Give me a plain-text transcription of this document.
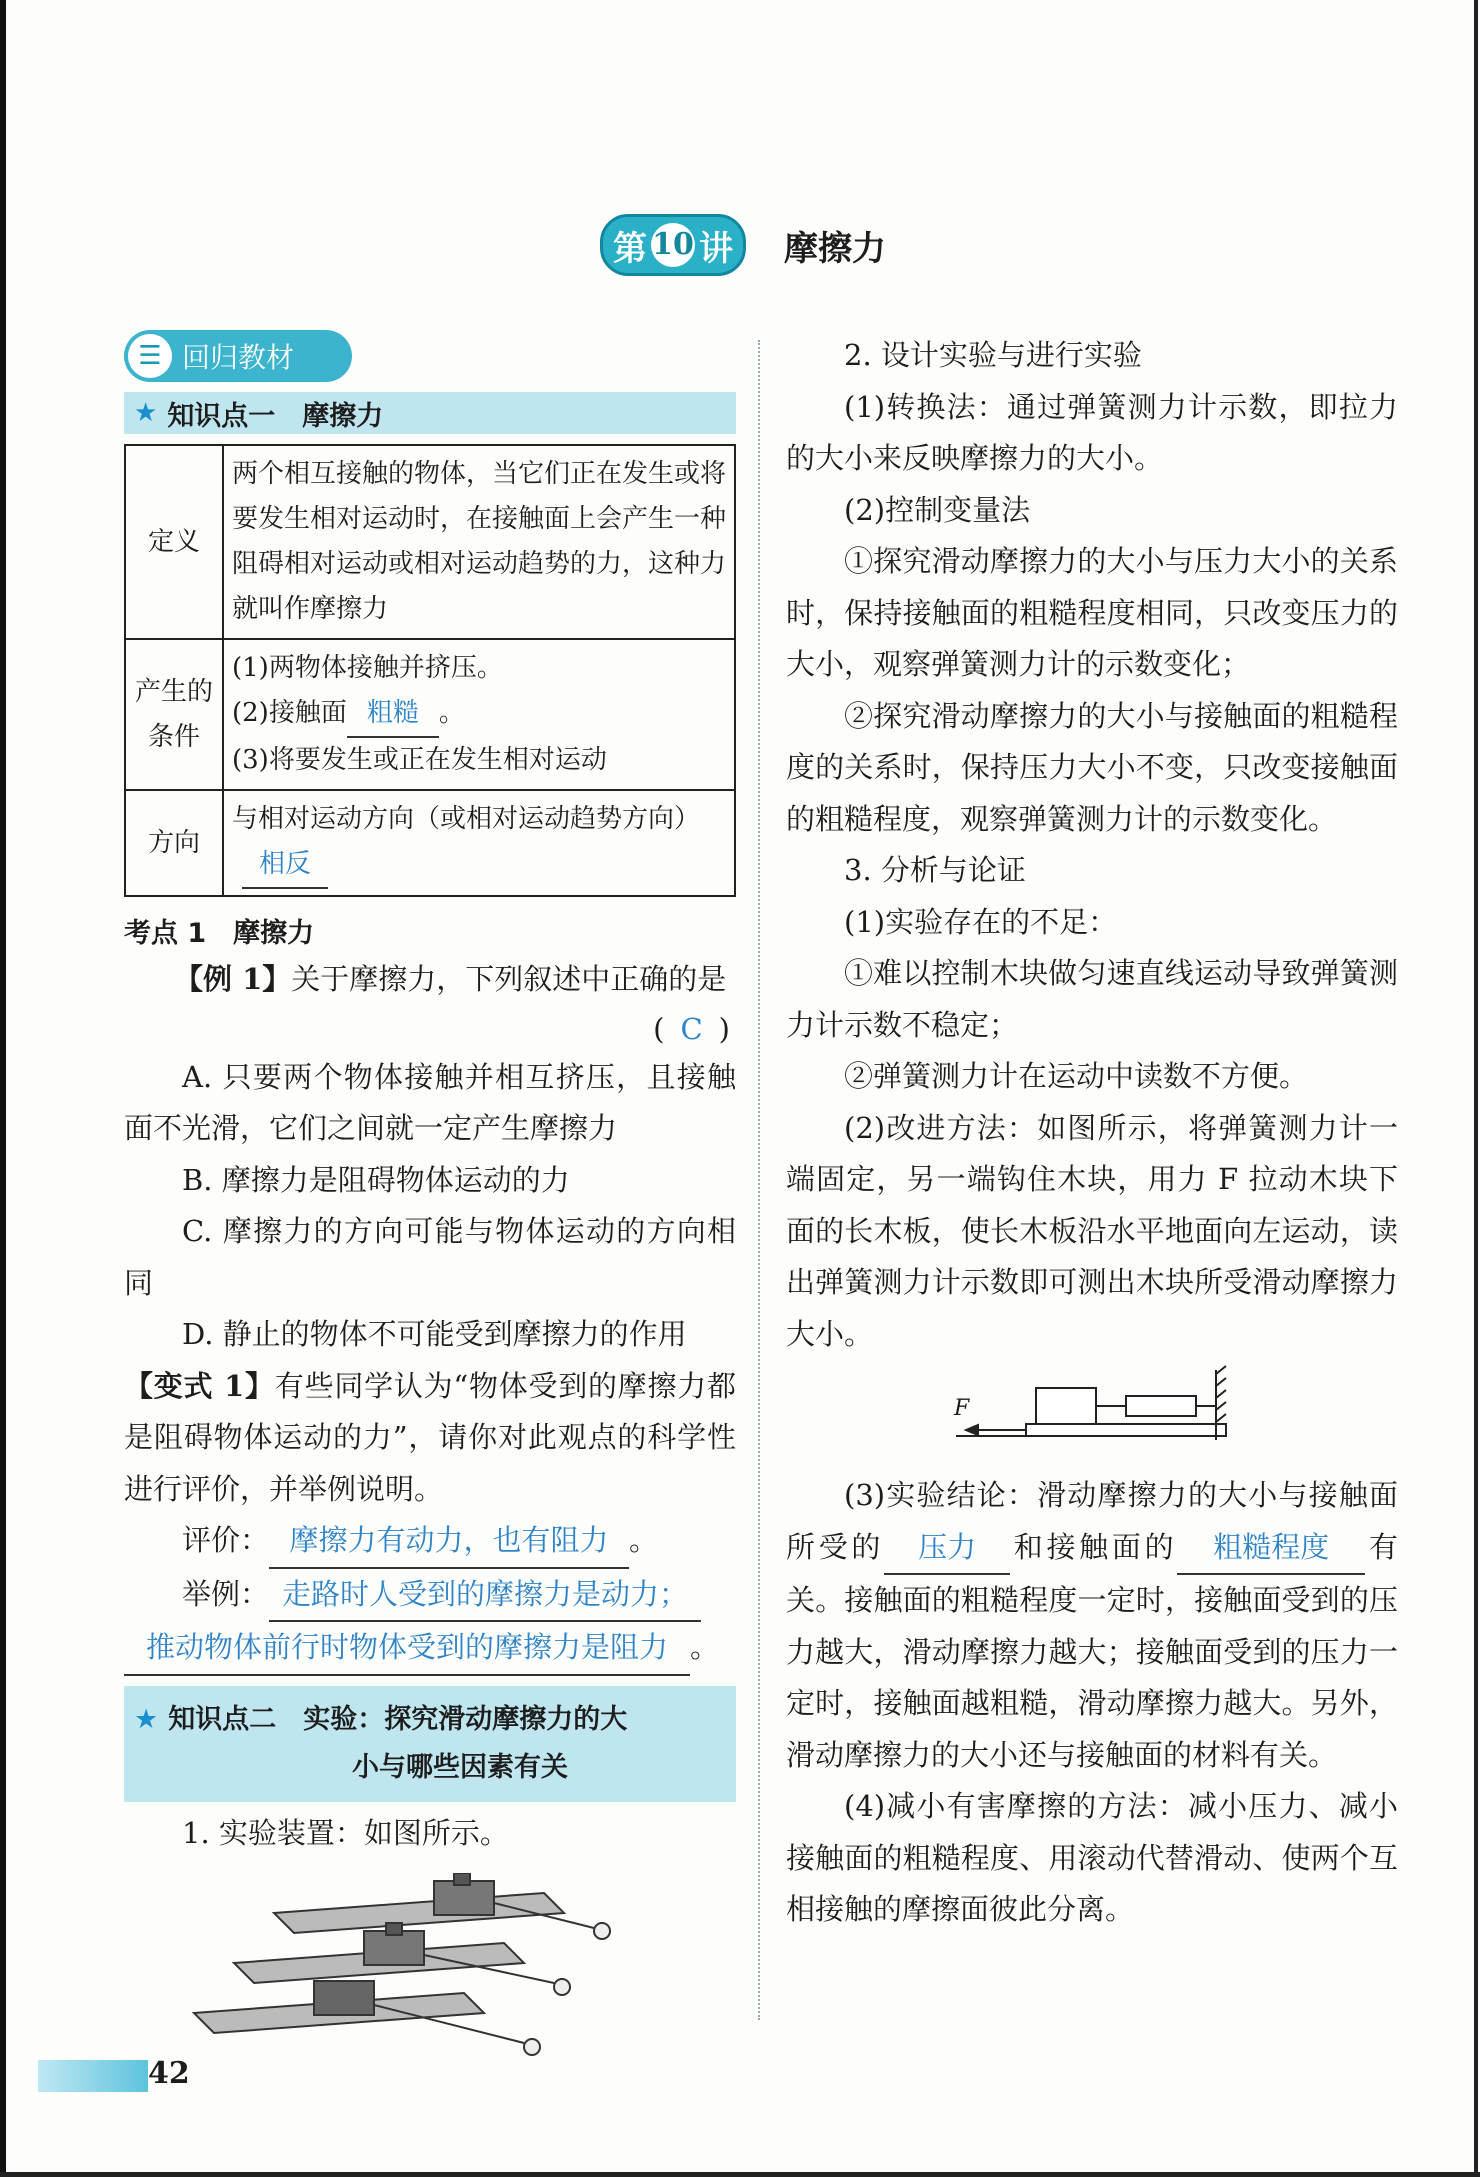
第 10 讲 摩擦力
☰ 回归教材
★ 知识点一　摩擦力
定义	两个相互接触的物体，当它们正在发生或将要发生相对运动时，在接触面上会产生一种阻碍相对运动或相对运动趋势的力，这种力就叫作摩擦力
产生的条件	(1)两物体接触并挤压。
(2)接触面 粗糙 。
(3)将要发生或正在发生相对运动

方向	与相对运动方向（或相对运动趋势方向）
相反
考点 1　摩擦力

【例 1】关于摩擦力，下列叙述中正确的是

( C )

A. 只要两个物体接触并相互挤压，且接触面不光滑，它们之间就一定产生摩擦力

B. 摩擦力是阻碍物体运动的力

C. 摩擦力的方向可能与物体运动的方向相同

D. 静止的物体不可能受到摩擦力的作用

【变式 1】有些同学认为“物体受到的摩擦力都是阻碍物体运动的力”，请你对此观点的科学性进行评价，并举例说明。

评价： 摩擦力有动力，也有阻力 。

举例： 走路时人受到的摩擦力是动力；

推动物体前行时物体受到的摩擦力是阻力 。

★ 知识点二　实验：探究滑动摩擦力的大
小与哪些因素有关

1. 实验装置：如图所示。

2. 设计实验与进行实验

(1)转换法：通过弹簧测力计示数，即拉力的大小来反映摩擦力的大小。

(2)控制变量法

①探究滑动摩擦力的大小与压力大小的关系时，保持接触面的粗糙程度相同，只改变压力的大小，观察弹簧测力计的示数变化；

②探究滑动摩擦力的大小与接触面的粗糙程度的关系时，保持压力大小不变，只改变接触面的粗糙程度，观察弹簧测力计的示数变化。

3. 分析与论证

(1)实验存在的不足：

①难以控制木块做匀速直线运动导致弹簧测力计示数不稳定；

②弹簧测力计在运动中读数不方便。

(2)改进方法：如图所示，将弹簧测力计一端固定，另一端钩住木块，用力 F 拉动木块下面的长木板，使长木板沿水平地面向左运动，读出弹簧测力计示数即可测出木块所受滑动摩擦力大小。

F

(3)实验结论：滑动摩擦力的大小与接触面所受的 压力 和接触面的 粗糙程度 有关。接触面的粗糙程度一定时，接触面受到的压力越大，滑动摩擦力越大；接触面受到的压力一定时，接触面越粗糙，滑动摩擦力越大。另外，滑动摩擦力的大小还与接触面的材料有关。

(4)减小有害摩擦的方法：减小压力、减小接触面的粗糙程度、用滚动代替滑动、使两个互相接触的摩擦面彼此分离。

42
